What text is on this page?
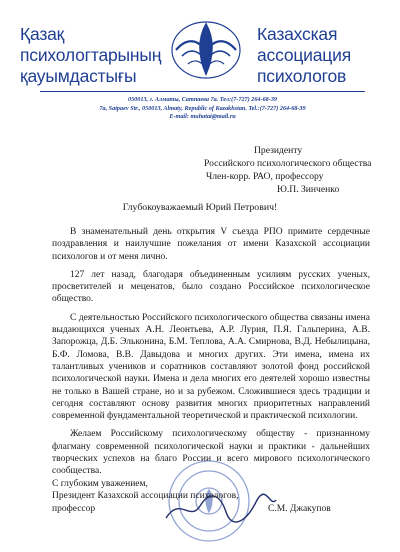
Қазақ
психологтарының
қауымдастығы
Казахская
ассоциация
психологов
050013, г. Алматы, Сатпаева 7а. Тел:(7-727) 264-68-39
7а, Satpaev Str., 050013, Almaty, Republic of Kazakhstan. Tel.:(7-727) 264-68-39
E-mail: muhatai@mail.ru
Президенту
Российского психологического общества
Член-корр. РАО, профессору
Ю.П. Зинченко
Глубокоуважаемый Юрий Петрович!

В знаменательный день открытия V съезда РПО примите сердечные поздравления и наилучшие пожелания от имени Казахской ассоциации психологов и от меня лично.

127 лет назад, благодаря объединенным усилиям русских ученых, просветителей и меценатов, было создано Российское психологическое общество.

С деятельностью Российского психологического общества связаны имена выдающихся ученых А.Н. Леонтьева, А.Р. Лурия, П.Я. Гальперина, А.В. Запорожца, Д.Б. Эльконина, Б.М. Теплова, А.А. Смирнова, В.Д. Небылицына, Б.Ф. Ломова, В.В. Давыдова и многих других. Эти имена, имена их талантливых учеников и соратников составляют золотой фонд российской психологической науки. Имена и дела многих его деятелей хорошо известны не только в Вашей стране, но и за рубежом. Сложившиеся здесь традиции и сегодня составляют основу развития многих приоритетных направлений современной фундаментальной теоретической и практической психологии.

Желаем Российскому психологическому обществу - признанному флагману современной психологической науки и практики - дальнейших творческих успехов на благо России и всего мирового психологического сообщества.

С глубоким уважением,
Президент Казахской ассоциации психологов,
профессор	С.М. Джакупов
